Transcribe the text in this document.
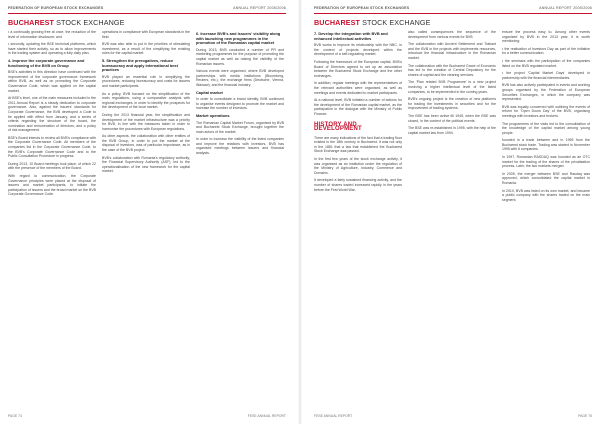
FEDERATION OF EUROPEAN STOCK EXCHANGES	ANNUAL REPORT 2005/2006
BUCHAREST STOCK EXCHANGE

• a continually growing free at once, the reduction of the level of information disclosure; and

• secondly, updating the BSE technical platforms, which have started their activity, so as to allow improvements in the trading system and operating a fully daily plan.

4. Improve the corporate governance and functioning of the BVB on Group

BSE's activities in this direction have continued with the improvement of the corporate governance framework within BVB, as well as on promoting the Corporate Governance Code, which was applied on the capital market.

At BSE's level, one of the main measures included in the 2011 Annual Report is a steady dedication to corporate governance. Also, against the Issuers' standards for Corporate Governance, the BVB developed a Code to be applied with effect from January, and a series of criteria regarding the structure of the board, the nomination and remuneration of directors, and a policy of risk management.

BSE's Board intends to review all BVB's compliance with the Corporate Governance Code. All members of the companies list in the Corporate Governance Code, to the BVB's Corporate Governance Code and to the Public Consultation Procedure in progress.

During 2013, 10 Board meetings took place, of which 22 with the presence of the members of the Board.

With regard to communication, the Corporate Governance principles were placed at the disposal of issuers and market participants, to initiate the participation of issuers and the broad market on the BVB Corporate Governance Code.

operations in compliance with European standards in the field.

BVB was also able to put in the priorities of stimulating investment, as a result of the simplifying the existing rules for the capital market.

5. Strengthen the prerogatives, reduce bureaucracy and apply international best practices

BVB played an essential role in simplifying the procedures, reducing bureaucracy and costs for issuers and market participants.

As a policy, BVB focused on the simplification of the main regulations, using a comparative analysis with regional exchanges, in order to identify the prospects for the development of the local market.

During the 2013 financial year, the simplification and development of the market infrastructure was a priority for BVB, in line with the measures taken in order to harmonise the procedures with European regulations.

As other aspects, the collaboration with other entities of the BVB Group, in order to put the market at the disposal of investors, was of particular importance, as in the case of the BVB project.

BVB's collaboration with Romania's regulatory authority, the Financial Supervisory Authority (ASF), led to the operationalisation of the new framework for the capital market.

6. Increase BVB's and issuers' visibility along with launching new programmes in the promotion of the Romanian capital market

During 2013, BVB conducted a number of PR and marketing programmes for the purpose of promoting the capital market as well as raising the visibility of the Romanian issuers.

Various events were organised, where BVB developed partnerships with media institutions (Bloomberg, Reuters, etc.), the exchange firms (Deutsche, Vienna, Warsaw), and the financial industry.

Capital market

In order to consolidate a brand identity, BVB continued to organise events designed to promote the market and increase the number of investors.

Market operations

The Romanian Capital Market Forum, organised by BVB and Bucharest Stock Exchange, brought together the main actors of the market.

In order to increase the visibility of the listed companies and improve the relations with investors, BVB has organised meetings between issuers and financial analysts.

PAGE 74	FESE ANNUAL REPORT
FEDERATION OF EUROPEAN STOCK EXCHANGES	ANNUAL REPORT 2005/2006
BUCHAREST STOCK EXCHANGE
7. Develop the integration with BVB and enhanced intellectual activities

BVB works to improve its relationship with the NBC, in the context of projects developed within the development of a self-regulating market.

Following the framework of the European capital, BVB's Board of Directors agreed to set up an association between the Bucharest Stock Exchange and the other exchanges.

In addition, regular meetings with the representatives of the relevant authorities were organised, as well as meetings and events dedicated to market participants.

At a national level, BVB initiated a number of actions for the development of the Romanian capital market, as the participation in the dialogue with the Ministry of Public Finance.

HISTORY AND DEVELOPMENT

There are many indications of the fact that a trading floor existed in the 18th century in Bucharest. It was not only in the 1881 that a law that established the Bucharest Stock Exchange was passed.

In the first few years of the stock exchange activity, it was organised as an institution under the regulation of the Ministry of Agriculture, Industry, Commerce and Domains.

It developed a fairly sustained financing activity, and the number of shares traded increased rapidly in the years before the First World War.

also called consequences the sequence of the development from various events for BVB

The collaboration with Ancient Settlement and Trabant and the BVB in the projects with implements resources, introduce the financial infrastructure in the Romanian market.

The collaboration with the Bucharest Grace of Economic has led to the creation of Central Depository for the shares of capital and the clearing services.

The 'Plan related BVB Programme' is a new project involving a higher intellectual level of the listed companies, to be implemented in the coming years.

BVB's ongoing project is the creation of new platforms for trading the investments in securities and for the improvement of trading systems.

The BSE has been active till 1945, when the BSE was closed, in the context of the political events.

The BSE was re-established in 1995, with the help of the capital market law from 1994.

ensure the process easy to. Among other events organised by BVB in the 2013 year, it is worth mentioning:

• the realisation of Investors Day as part of the initiative for a better communication.

• the seminars with the participation of the companies listed on the BVB regulated market.

• the project 'Capital Market Days' developed in partnership with the financial intermediaries.

BVB has also actively participated in events and working groups organised by the Federation of European Securities Exchanges, in which the company was represented.

BVB was equally concerned with outlining the events of reform for 'Open Doors Day' of the BVB, organising meetings with investors and brokers.

The programmes of the visits led to the consolidation of the knowledge of the capital market among young people.

founded in a trade between and in 1995 from the Bucharest stock trade. Trading was started in November 1995 with 6 companies.

In 1997, Romanian RASDAQ was founded as an OTC market for the trading of the shares of the privatisation process. Later, the two markets merged.

In 2005, the merger between BSE and Rasdaq was approved, which consolidated the capital market in Romania.

In 2010, BVB was listed on its own market, and became a public company with the shares traded on the main segment.

FESE ANNUAL REPORT	PAGE 75
